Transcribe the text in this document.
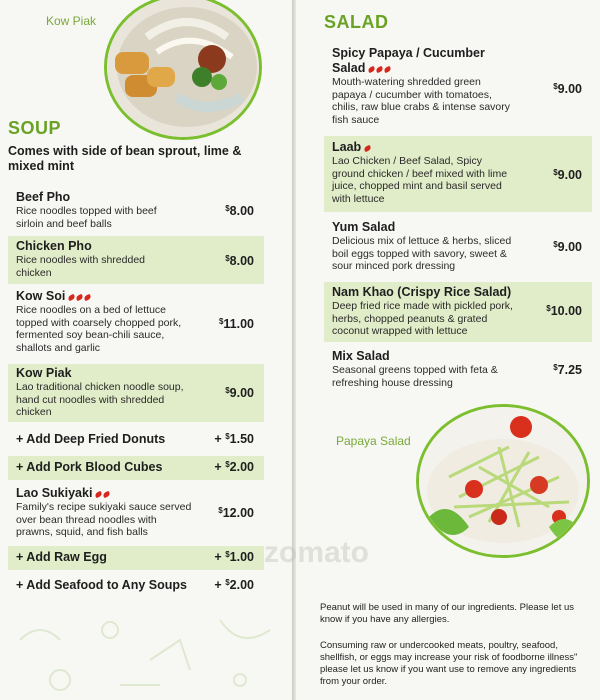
Kow Piak
SOUP
Comes with side of bean sprout, lime & mixed mint
Beef Pho
Rice noodles topped with beef sirloin and beef balls
$8.00
Chicken Pho
Rice noodles with shredded chicken
$8.00
Kow Soi
Rice noodles on a bed of lettuce topped with coarsely chopped pork, fermented soy bean-chili sauce, shallots and garlic
$11.00
Kow Piak
Lao traditional chicken noodle soup, hand cut noodles with shredded chicken
$9.00
+ Add Deep Fried Donuts	+ $1.50
+ Add Pork Blood Cubes	+ $2.00
Lao Sukiyaki
Family's recipe sukiyaki sauce served over bean thread noodles with prawns, squid, and fish balls
$12.00
+ Add Raw Egg	+ $1.00
+ Add Seafood to Any Soups + $2.00
SALAD
Spicy Papaya / Cucumber Salad
Mouth-watering shredded green papaya / cucumber with tomatoes, chilis, raw blue crabs & intense savory fish sauce
$9.00
Laab
Lao Chicken / Beef Salad, Spicy ground chicken / beef mixed with lime juice, chopped mint and basil served with lettuce
$9.00
Yum Salad
Delicious mix of lettuce & herbs, sliced boil eggs topped with savory, sweet & sour minced pork dressing
$9.00
Nam Khao (Crispy Rice Salad)
Deep fried rice made with pickled pork, herbs, chopped peanuts & grated coconut wrapped with lettuce
$10.00
Mix Salad
Seasonal greens topped with feta & refreshing house dressing
$7.25
Papaya Salad
Peanut will be used in many of our ingredients. Please let us know if you have any allergies.
Consuming raw or undercooked meats, poultry, seafood, shellfish, or eggs may increase your risk of foodborne illness" please let us know if you want use to remove any ingredients from your order.
zomato
